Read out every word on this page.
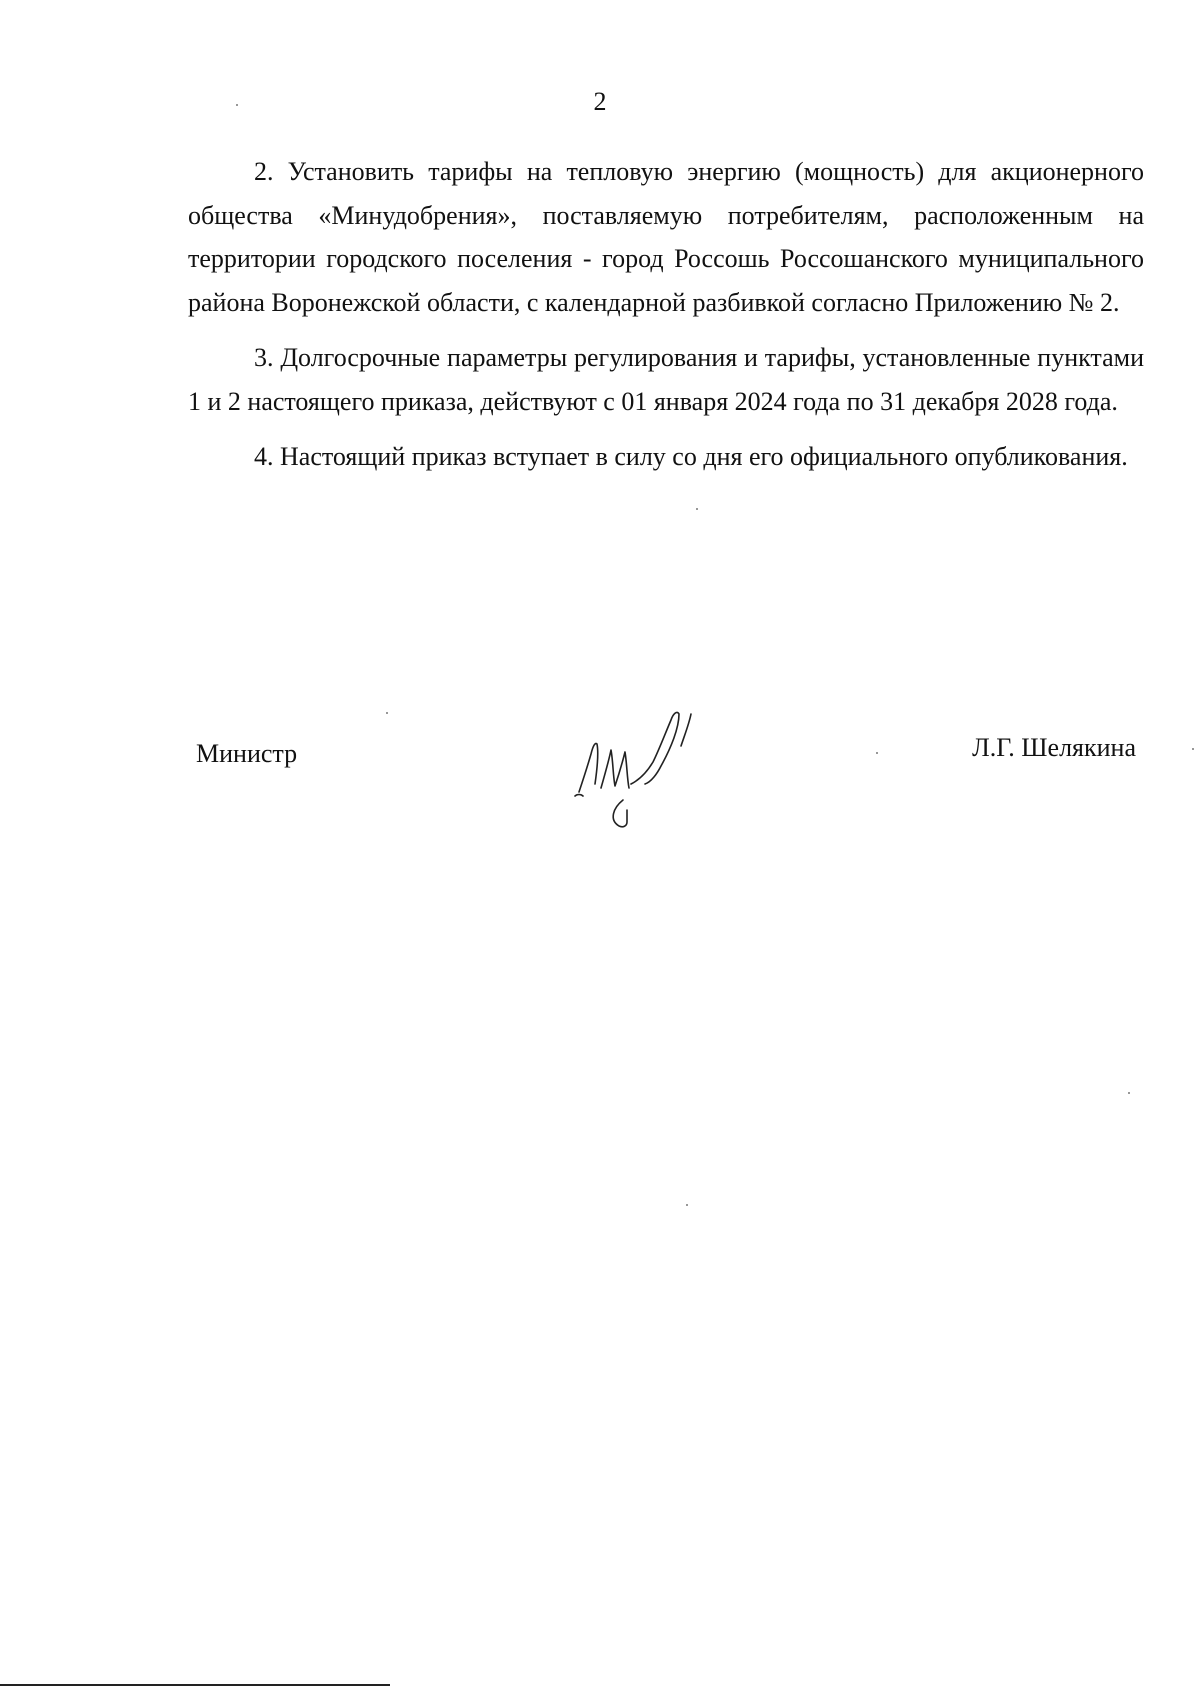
2

2. Установить тарифы на тепловую энергию (мощность) для акционерного общества «Минудобрения», поставляемую потребителям, расположенным на территории городского поселения - город Россошь Россошанского муниципального района Воронежской области, с календарной разбивкой согласно Приложению № 2.

3. Долгосрочные параметры регулирования и тарифы, установленные пунктами 1 и 2 настоящего приказа, действуют с 01 января 2024 года по 31 декабря 2028 года.

4. Настоящий приказ вступает в силу со дня его официального опубликования.

Министр	Л.Г. Шелякина
